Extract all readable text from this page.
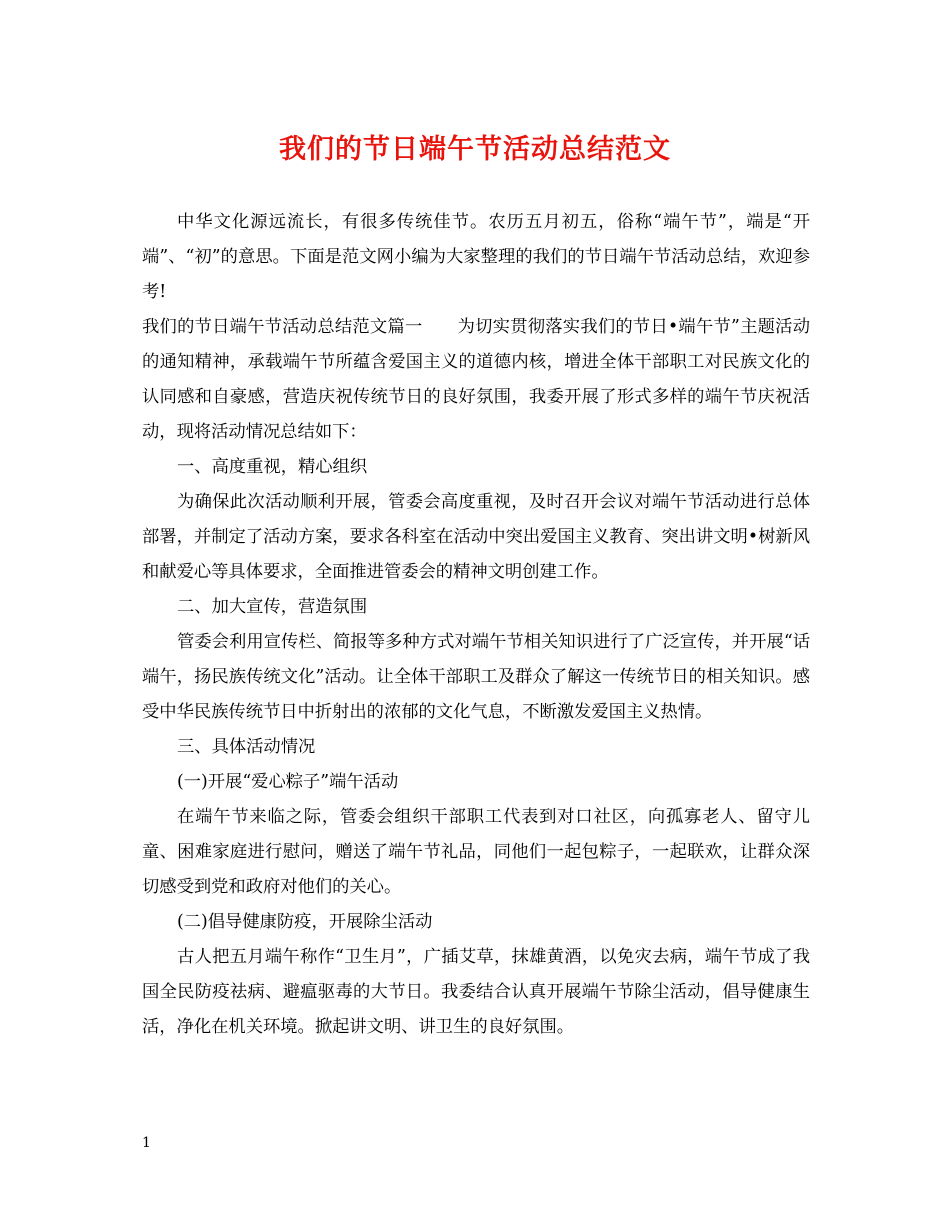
我们的节日端午节活动总结范文

中华文化源远流长，有很多传统佳节。农历五月初五，俗称“端午节”，端是“开端”、“初”的意思。下面是范文网小编为大家整理的我们的节日端午节活动总结，欢迎参考!

我们的节日端午节活动总结范文篇一　　为切实贯彻落实我们的节日•端午节”主题活动的通知精神，承载端午节所蕴含爱国主义的道德内核，增进全体干部职工对民族文化的认同感和自豪感，营造庆祝传统节日的良好氛围，我委开展了形式多样的端午节庆祝活动，现将活动情况总结如下：

一、高度重视，精心组织

为确保此次活动顺利开展，管委会高度重视，及时召开会议对端午节活动进行总体部署，并制定了活动方案，要求各科室在活动中突出爱国主义教育、突出讲文明•树新风和献爱心等具体要求，全面推进管委会的精神文明创建工作。

二、加大宣传，营造氛围

管委会利用宣传栏、简报等多种方式对端午节相关知识进行了广泛宣传，并开展“话端午，扬民族传统文化”活动。让全体干部职工及群众了解这一传统节日的相关知识。感受中华民族传统节日中折射出的浓郁的文化气息，不断激发爱国主义热情。

三、具体活动情况

(一)开展“爱心粽子”端午活动

在端午节来临之际，管委会组织干部职工代表到对口社区，向孤寡老人、留守儿童、困难家庭进行慰问，赠送了端午节礼品，同他们一起包粽子，一起联欢，让群众深切感受到党和政府对他们的关心。

(二)倡导健康防疫，开展除尘活动

古人把五月端午称作“卫生月”，广插艾草，抹雄黄酒，以免灾去病，端午节成了我国全民防疫祛病、避瘟驱毒的大节日。我委结合认真开展端午节除尘活动，倡导健康生活，净化在机关环境。掀起讲文明、讲卫生的良好氛围。

1
